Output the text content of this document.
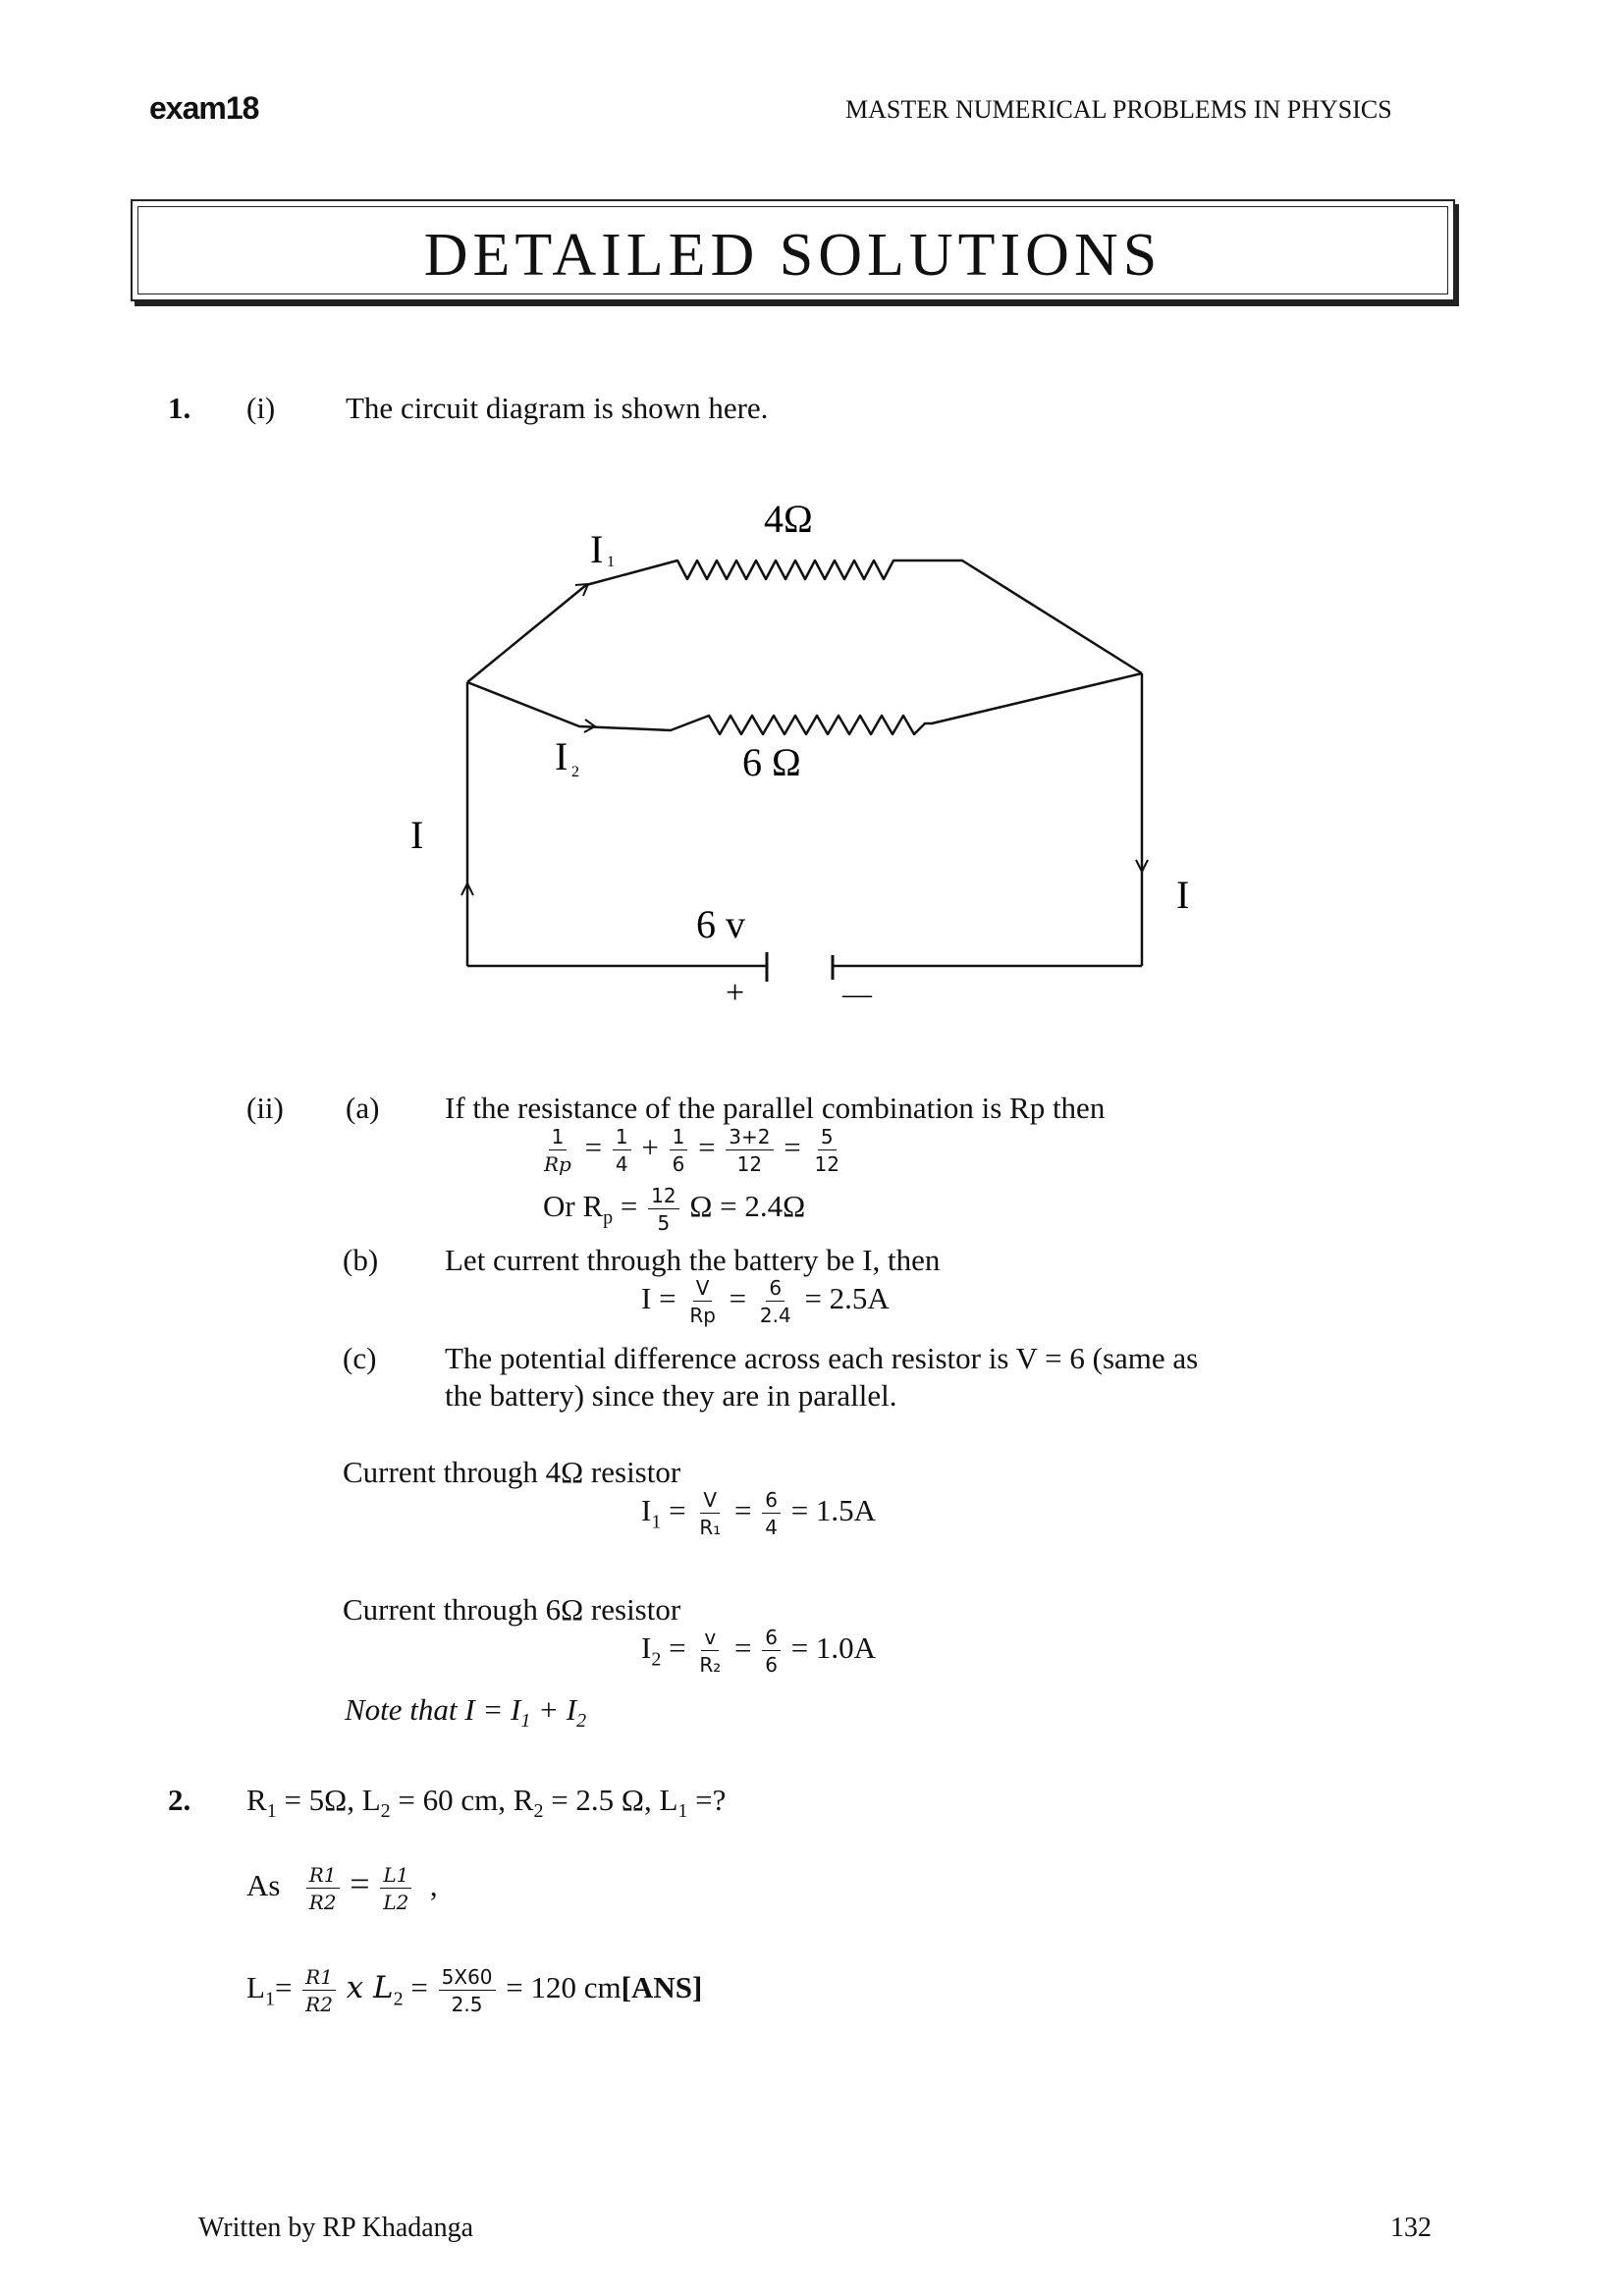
exam18	MASTER NUMERICAL PROBLEMS IN PHYSICS
DETAILED SOLUTIONS
1. (i) The circuit diagram is shown here.
4Ω
I 1
I 2	6 Ω
I
I
6 v
+	—
(ii) (a) If the resistance of the parallel combination is Rp then
$\frac{1}{Rp} = \frac{1}{4} + \frac{1}{6} = \frac{3+2}{12} = \frac{5}{12}$
Or $R_p = \frac{12}{5}$ Ω = 2.4Ω
(b) Let current through the battery be I, then
$I = \frac{V}{Rp} = \frac{6}{2.4} = 2.5A$
(c) The potential difference across each resistor is V = 6 (same as
the battery) since they are in parallel.
Current through 4Ω resistor
$I_1 = \frac{V}{\text{R₁}} = \frac{6}{4} = 1.5A$
Current through 6Ω resistor
$I_2 = \frac{v}{\text{R₂}} = \frac{6}{6} = 1.0A$
Note that $I = I_1 + I_2$
2. $R_1 = 5\Omega$, $L_2 = 60$ cm, $R_2 = 2.5$ Ω, $L_1$ =?
As $\frac{R1}{R2} = \frac{L1}{L2}$ ,
$L_1= \frac{R1}{R2}$ x $L_2 = \frac{5X60}{2.5} = 120$ cm[ANS]
Written by RP Khadanga	132
